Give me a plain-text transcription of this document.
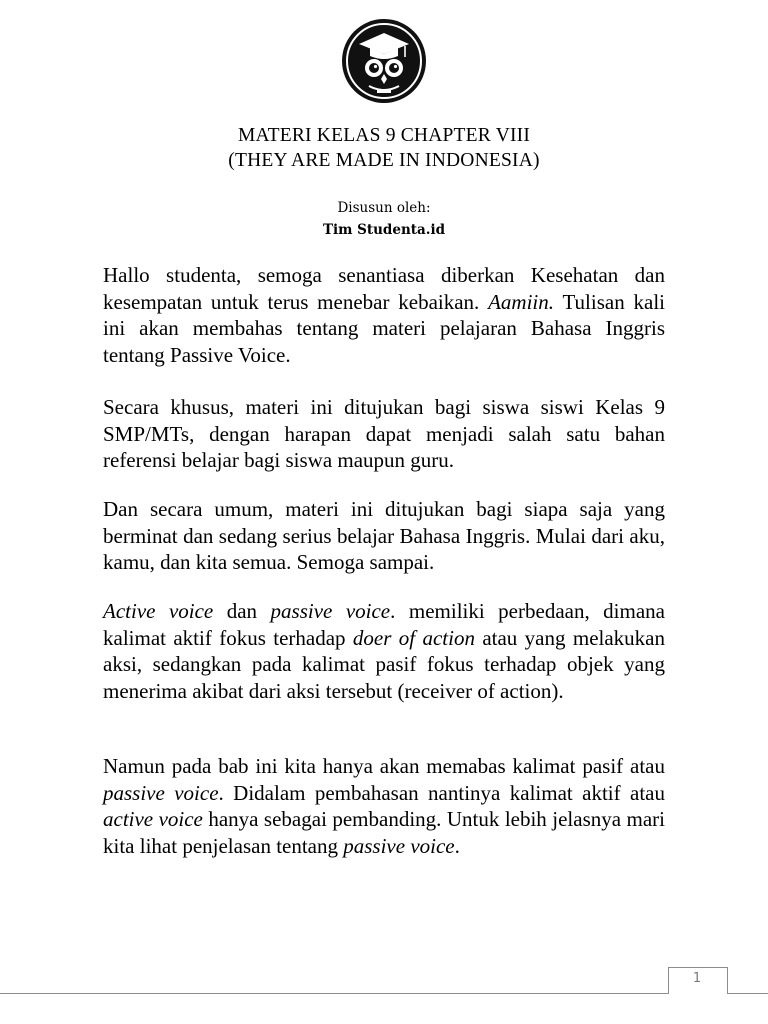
MATERI KELAS 9 CHAPTER VIII
(THEY ARE MADE IN INDONESIA)
Disusun oleh:
Tim Studenta.id

Hallo studenta, semoga senantiasa diberkan Kesehatan dan kesempatan untuk terus menebar kebaikan. Aamiin. Tulisan kali ini akan membahas tentang materi pelajaran Bahasa Inggris tentang Passive Voice.

Secara khusus, materi ini ditujukan bagi siswa siswi Kelas 9 SMP/MTs, dengan harapan dapat menjadi salah satu bahan referensi belajar bagi siswa maupun guru.

Dan secara umum, materi ini ditujukan bagi siapa saja yang berminat dan sedang serius belajar Bahasa Inggris. Mulai dari aku, kamu, dan kita semua. Semoga sampai.

Active voice dan passive voice. memiliki perbedaan, dimana kalimat aktif fokus terhadap doer of action atau yang melakukan aksi, sedangkan pada kalimat pasif fokus terhadap objek yang menerima akibat dari aksi tersebut (receiver of action).

Namun pada bab ini kita hanya akan memabas kalimat pasif atau passive voice. Didalam pembahasan nantinya kalimat aktif atau active voice hanya sebagai pembanding. Untuk lebih jelasnya mari kita lihat penjelasan tentang passive voice.

1
